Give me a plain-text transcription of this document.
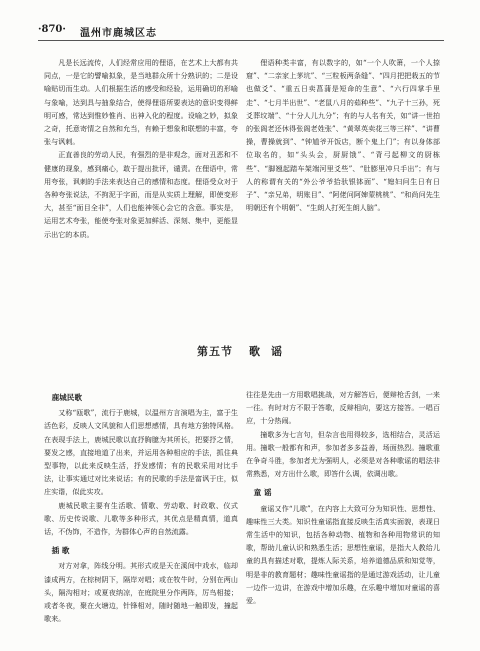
·870· 温州市鹿城区志

凡是长远流传，人们经常应用的俚语，在艺术上大都有共同点，一是它的譬喻拟象，是当地群众所十分熟识的；二是设喻贴切而生动。人们根据生活的感受和经验，运用确切的形喻与象喻，达到具与抽象结合，使得俚语所要表达的意识变得鲜明可感，常达到惟妙惟肖、出神入化的程度。设喻之妙，拟象之奇，托意寄情之自然和允当，有赖于想象和联想的丰富，夸张与讽刺。

正直善良的劳动人民，有强烈的是非观念，面对丑恶和不健康的现象，感到痛心，敢于提出批评，谴责。在俚语中，常用夸张，讽刺的手法来表达自己的感情和态度。俚语受众对于各种夸张说法，不拘泥于字面，而是从实质上理解，即使变形大，甚至“面目全非”，人们也能神领心会它的含意。事实是，运用艺术夸张，能使夸张对象更加鲜活、深刻、集中，更能显示出它的本质。

俚语种类丰富，有以数字的，如“一个人吹箫，一个人捺窟”、“二亲家上茅坑”、“三粒板两条缝”、“四月把把栽五的节也做爻”、“重五日卖菖蒲是短命的生意”、“六行四掌手里走”、“七月半出世”、“老鼠八月的茹种些”、“九子十三孙，死爻葬坟端”、“十分人儿九分”；有的与人名有关，如“讲一世拍的张阁老还休得张阁老姓张”、“黄翠英卖花三等三样”、“讲曹操，曹操就到”、“钟馗爷开饭店，断个鬼上门”；有以身体部位取名的，如“头头会，厨厨饿”、“背弓起柳文的厨栋些”、“脚翘起踏车架端河里爻些”、“肚膨里冲只手出”；有与人的称谓有关的“外公爷爷拾驮银钵面”、“媳妇问生日有日子”、“亲兄弟，明账目”、“阿佬问阿婶蒙桃桃”、“和尚问先生明朝还有个明朝”、“生朗人打死生朗人脑”。

第五节 歌 谣
鹿城民歌

又称“瓯歌”，流行于鹿城，以温州方言演唱为主，富于生活色彩，反映人文风貌和人们思想感情，具有地方独特风格。在表现手法上，鹿城民歌以直抒胸臆为其所长，把要抒之情，要发之感，直接地道了出来，并运用各种相应的手法，抓住典型事物，以此来反映生活，抒发感情；有的民歌采用对比手法，让事实通过对比来说话；有的民歌的手法是富讽于庄，似庄实谐，似此实攻。

鹿城民歌主要有生活歌、情歌、劳动歌、时政歌、仪式歌、历史传说歌、儿歌等多种形式，其优点是精真情，道真话，不伪饰，不造作，为群体心声的自然流露。

插 歌

对方对拿，阵线分明。其形式或是天在溪间中戏水，临却漆成两方，在棕树阴下，隔岸对唱；或在牧牛时，分别在两山头，隔沟相对；或夏夜纳凉，在庭院里分作两阵，厉鸟相接；或者冬夜，聚在火塘边，针锋相对，随时随地一触即发，撞起歌来。

往往是先由一方用歌唱挑战，对方解答后，便辩枪舌剑，一来一往。有时对方不限于答歌，反辩相向，要这方接答。一唱百应，十分热闹。

撞歌多为七言句，但杂言也用得较多，选相结合，灵活运用。撞歌一般都有和声，参加者多多益善，场面热烈。撞歌重在争奇斗胜，参加者尤为强明人，必须是对各种歌谣的唱法非常熟悉，对方出什么歌，即答什么调，依调出歌。

童 谣

童谣又作“儿歌”，在内容上大致可分为知识性、思想性、趣味性三大类。知识性童谣指直接反映生活真实面貌，表现日常生活中的知识，包括各种动物、植物和各种用物常识的知歌，帮助儿童认识和熟悉生活；思想性童谣，是指大人教给儿童的具有描述对歌，提炼人际关系，培养道德品质和知觉等，明是非的教育题材；趣味性童谣指的是通过游戏活动，让儿童一边作一边讲，在游戏中增加乐趣，在乐趣中增加对童谣的喜爱。
